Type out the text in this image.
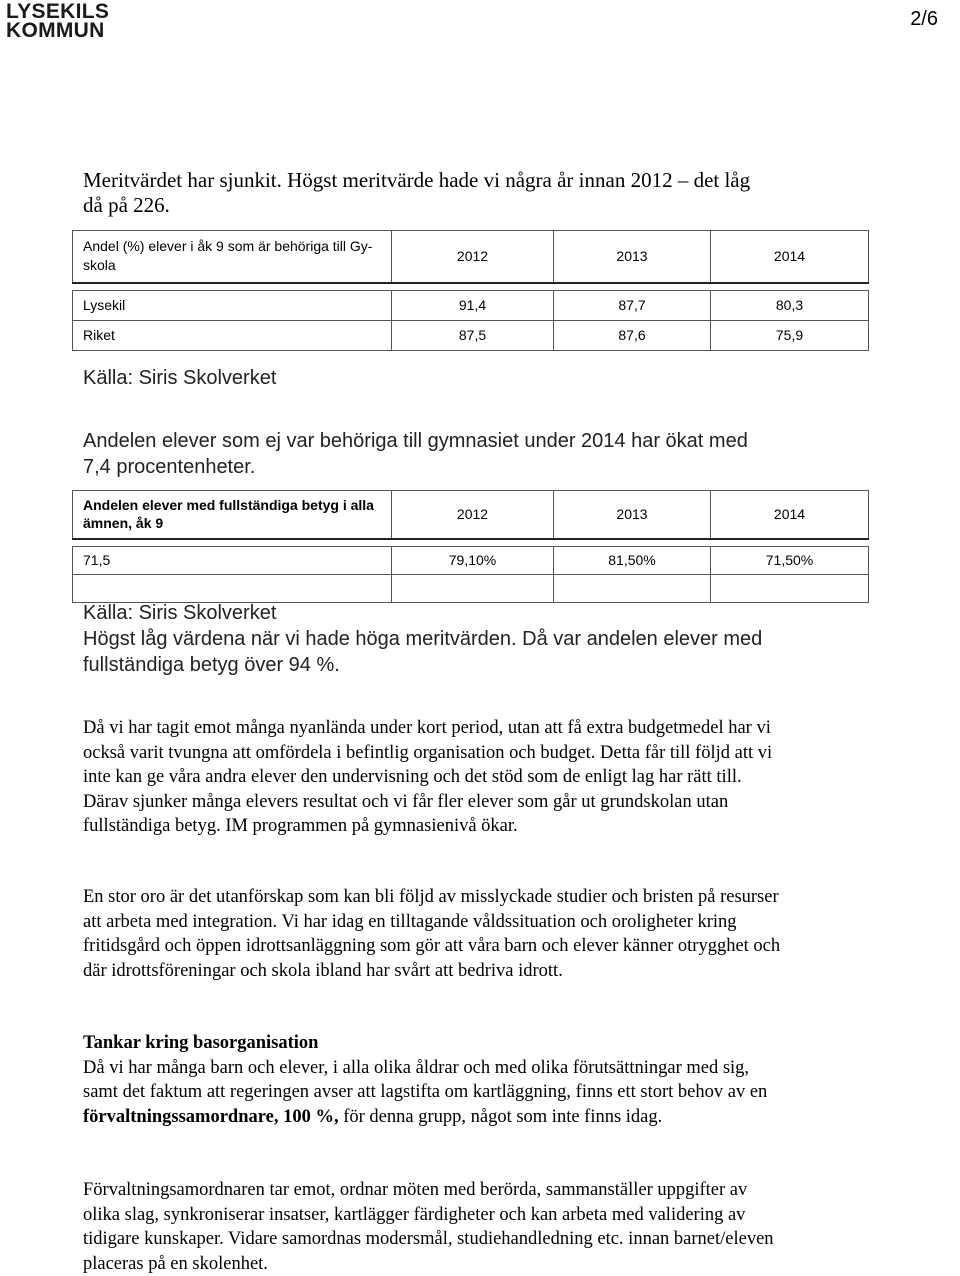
LYSEKILS
KOMMUN	2/6
Meritvärdet har sjunkit. Högst meritvärde hade vi några år innan 2012 – det låg då på 226.
Andel (%) elever i åk 9 som är behöriga till Gy-skola	2012	2013	2014

Lysekil	91,4	87,7	80,3
Riket	87,5	87,6	75,9
Källa: Siris Skolverket
Andelen elever som ej var behöriga till gymnasiet under 2014 har ökat med 7,4 procentenheter.
Andelen elever med fullständiga betyg i alla ämnen, åk 9	2012	2013	2014

71,5	79,10%	81,50%	71,50%

Källa: Siris Skolverket
Högst låg värdena när vi hade höga meritvärden. Då var andelen elever med fullständiga betyg över 94 %.
Då vi har tagit emot många nyanlända under kort period, utan att få extra budgetmedel har vi också varit tvungna att omfördela i befintlig organisation och budget. Detta får till följd att vi inte kan ge våra andra elever den undervisning och det stöd som de enligt lag har rätt till. Därav sjunker många elevers resultat och vi får fler elever som går ut grundskolan utan fullständiga betyg. IM programmen på gymnasienivå ökar.
En stor oro är det utanförskap som kan bli följd av misslyckade studier och bristen på resurser att arbeta med integration. Vi har idag en tilltagande våldssituation och oroligheter kring fritidsgård och öppen idrottsanläggning som gör att våra barn och elever känner otrygghet och där idrottsföreningar och skola ibland har svårt att bedriva idrott.
Tankar kring basorganisation
Då vi har många barn och elever, i alla olika åldrar och med olika förutsättningar med sig, samt det faktum att regeringen avser att lagstifta om kartläggning, finns ett stort behov av en förvaltningssamordnare, 100 %, för denna grupp, något som inte finns idag.
Förvaltningsamordnaren tar emot, ordnar möten med berörda, sammanställer uppgifter av olika slag, synkroniserar insatser, kartlägger färdigheter och kan arbeta med validering av tidigare kunskaper. Vidare samordnas modersmål, studiehandledning etc. innan barnet/eleven placeras på en skolenhet.
